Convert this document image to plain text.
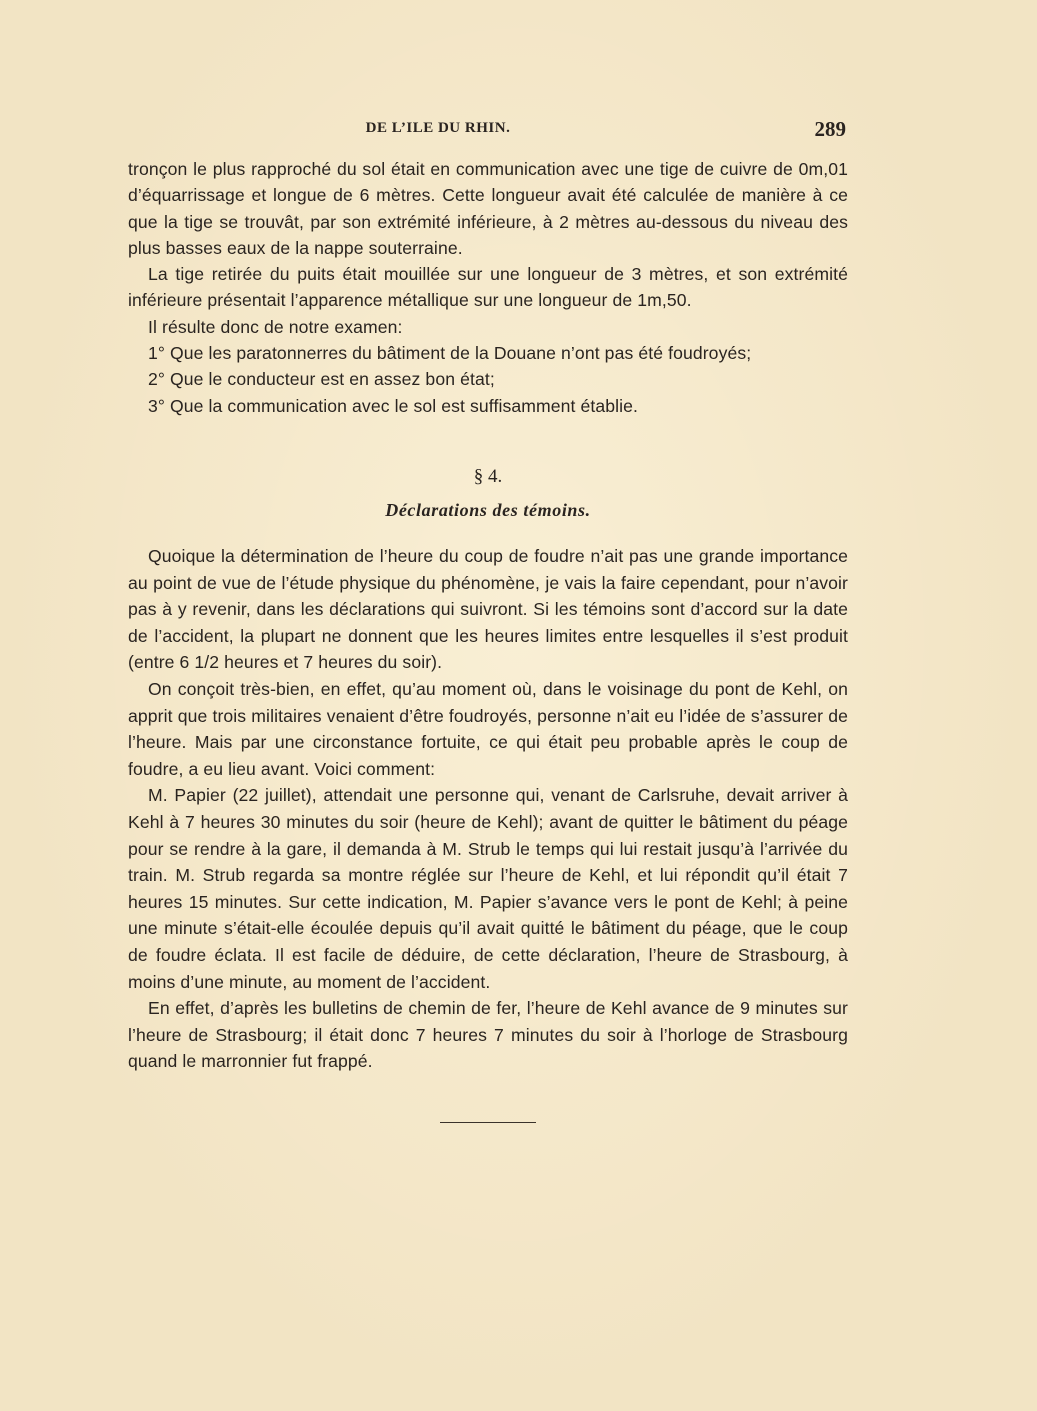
DE L’ILE DU RHIN.	289

tronçon le plus rapproché du sol était en communication avec une tige de cuivre de 0m,01 d’équarrissage et longue de 6 mètres. Cette longueur avait été calculée de manière à ce que la tige se trouvât, par son extrémité inférieure, à 2 mètres au-dessous du niveau des plus basses eaux de la nappe souterraine.

La tige retirée du puits était mouillée sur une longueur de 3 mètres, et son extrémité inférieure présentait l’apparence métallique sur une longueur de 1m,50.

Il résulte donc de notre examen:

1° Que les paratonnerres du bâtiment de la Douane n’ont pas été foudroyés;

2° Que le conducteur est en assez bon état;

3° Que la communication avec le sol est suffisamment établie.

§ 4.
Déclarations des témoins.

Quoique la détermination de l’heure du coup de foudre n’ait pas une grande importance au point de vue de l’étude physique du phénomène, je vais la faire cependant, pour n’avoir pas à y revenir, dans les déclarations qui suivront. Si les témoins sont d’accord sur la date de l’accident, la plupart ne donnent que les heures limites entre lesquelles il s’est produit (entre 6 1/2 heures et 7 heures du soir).

On conçoit très-bien, en effet, qu’au moment où, dans le voisinage du pont de Kehl, on apprit que trois militaires venaient d’être foudroyés, personne n’ait eu l’idée de s’assurer de l’heure. Mais par une circonstance fortuite, ce qui était peu probable après le coup de foudre, a eu lieu avant. Voici comment:

M. Papier (22 juillet), attendait une personne qui, venant de Carlsruhe, devait arriver à Kehl à 7 heures 30 minutes du soir (heure de Kehl); avant de quitter le bâtiment du péage pour se rendre à la gare, il demanda à M. Strub le temps qui lui restait jusqu’à l’arrivée du train. M. Strub regarda sa montre réglée sur l’heure de Kehl, et lui répondit qu’il était 7 heures 15 minutes. Sur cette indication, M. Papier s’avance vers le pont de Kehl; à peine une minute s’était-elle écoulée depuis qu’il avait quitté le bâtiment du péage, que le coup de foudre éclata. Il est facile de déduire, de cette déclaration, l’heure de Strasbourg, à moins d’une minute, au moment de l’accident.

En effet, d’après les bulletins de chemin de fer, l’heure de Kehl avance de 9 minutes sur l’heure de Strasbourg; il était donc 7 heures 7 minutes du soir à l’horloge de Strasbourg quand le marronnier fut frappé.
